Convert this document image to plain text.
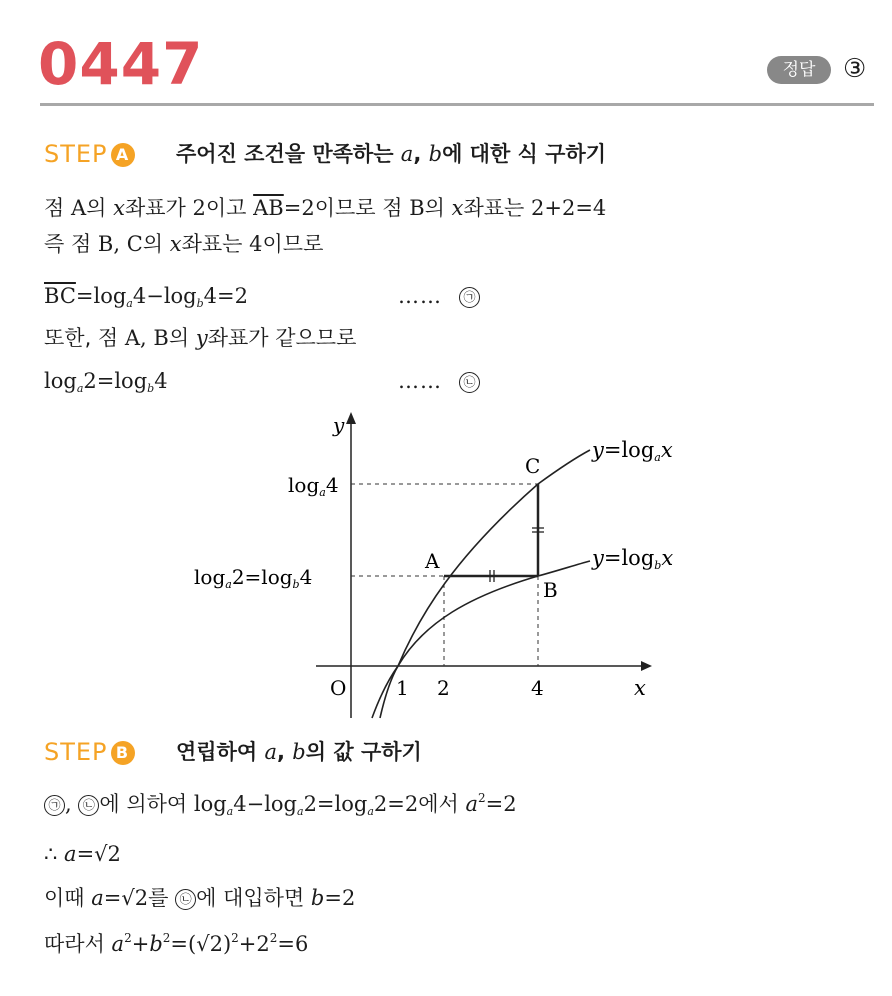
0447	정답	③
STEP A 주어진 조건을 만족하는 a, b에 대한 식 구하기
점 A의 x좌표가 2이고 $\overline{AB}=2$이므로 점 B의 x좌표는 2+2=4
즉 점 B, C의 x좌표는 4이므로
$\overline{BC}=\log a4-\log b4=2$	……	㉠
또한, 점 A, B의 y좌표가 같으므로
loga2=logb4	……	㉡
y
x
O 1 2	4
A
B
C
$\log_a4$
$\log_a2=\log_b4$
y=logax
y=logbx
STEP B 연립하여 a, b의 값 구하기
㉠ , ㉡ 에 의하여 loga4−loga2=loga2=2에서 $a^2=2$
∴ a=√2
이때 a=√2를 ㉡ 에 대입하면 b=2
따라서 $a^2+b^2=(√2)^2+2^2=6$
